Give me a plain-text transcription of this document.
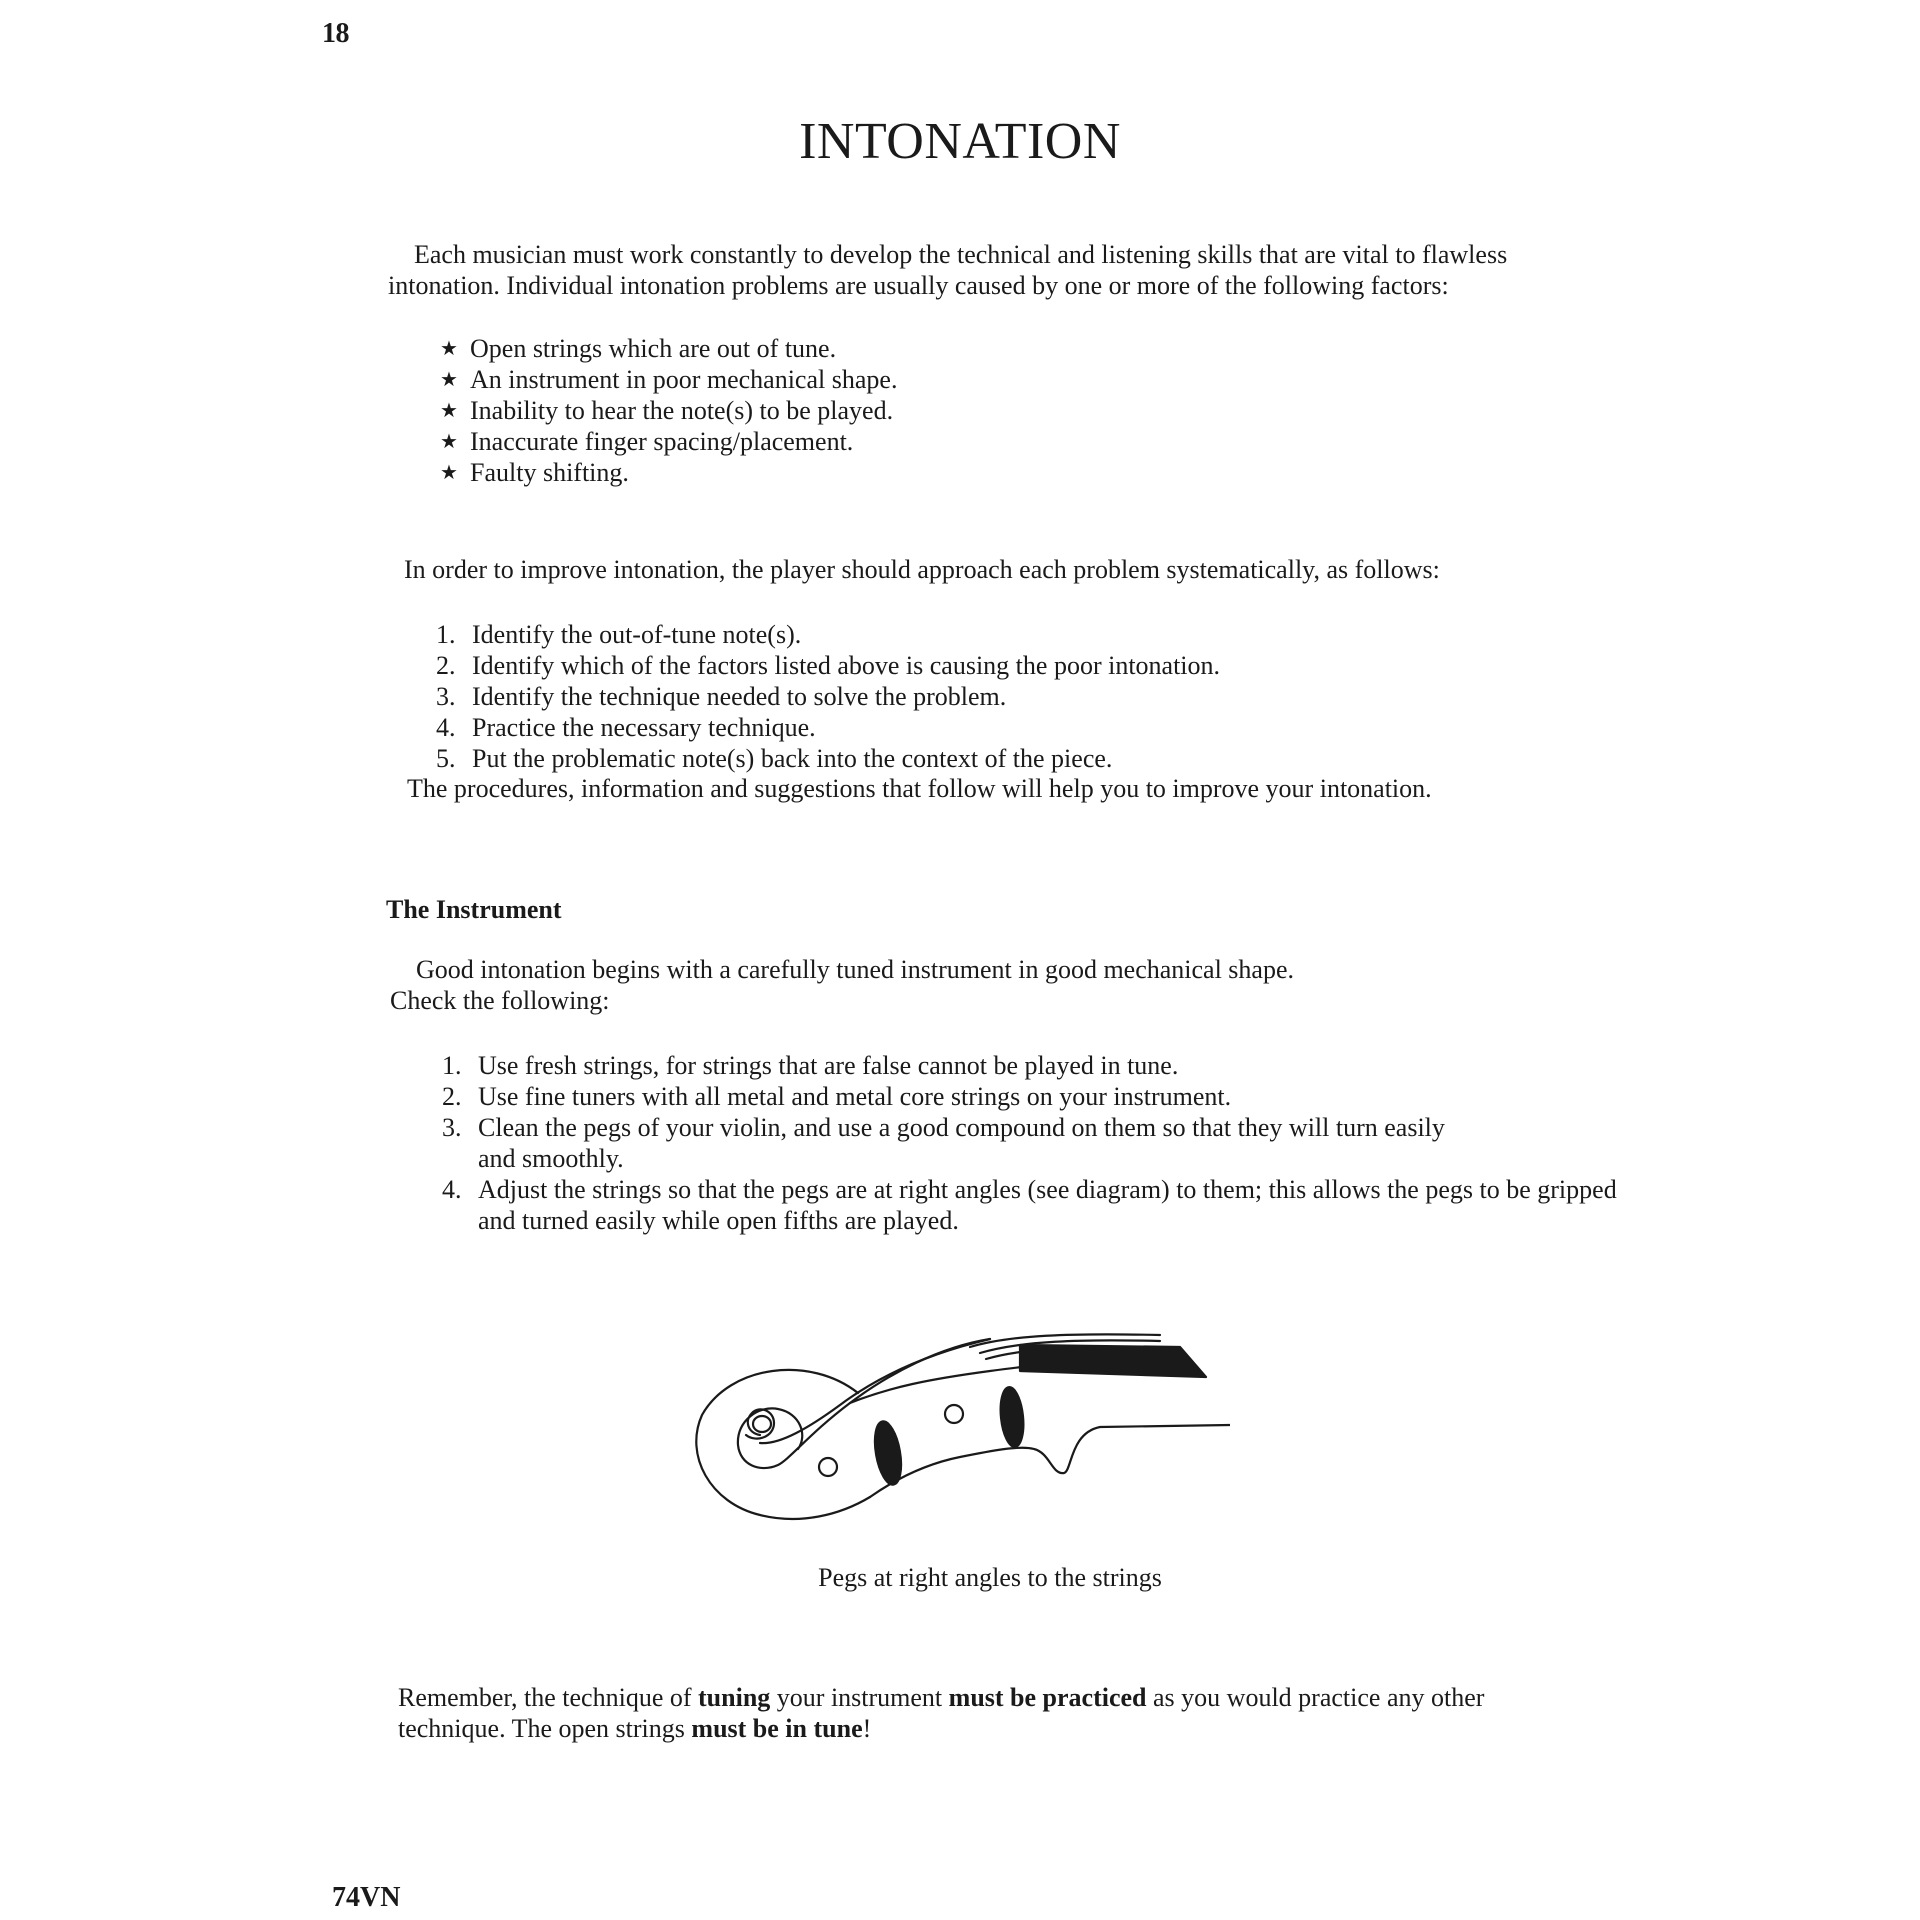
18
INTONATION
Each musician must work constantly to develop the technical and listening skills that are vital to flawless
intonation. Individual intonation problems are usually caused by one or more of the following factors:
★ Open strings which are out of tune.
★ An instrument in poor mechanical shape.
★ Inability to hear the note(s) to be played.
★ Inaccurate finger spacing/placement.
★ Faulty shifting.
In order to improve intonation, the player should approach each problem systematically, as follows:
1. Identify the out-of-tune note(s).
2. Identify which of the factors listed above is causing the poor intonation.
3. Identify the technique needed to solve the problem.
4. Practice the necessary technique.
5. Put the problematic note(s) back into the context of the piece.
The procedures, information and suggestions that follow will help you to improve your intonation.
The Instrument
Good intonation begins with a carefully tuned instrument in good mechanical shape.
Check the following:
1. Use fresh strings, for strings that are false cannot be played in tune.
2. Use fine tuners with all metal and metal core strings on your instrument.
3. Clean the pegs of your violin, and use a good compound on them so that they will turn easily and smoothly.
4. Adjust the strings so that the pegs are at right angles (see diagram) to them; this allows the pegs to be gripped and turned easily while open fifths are played.
Pegs at right angles to the strings
Remember, the technique of tuning your instrument must be practiced as you would practice any other technique. The open strings must be in tune!
74VN
